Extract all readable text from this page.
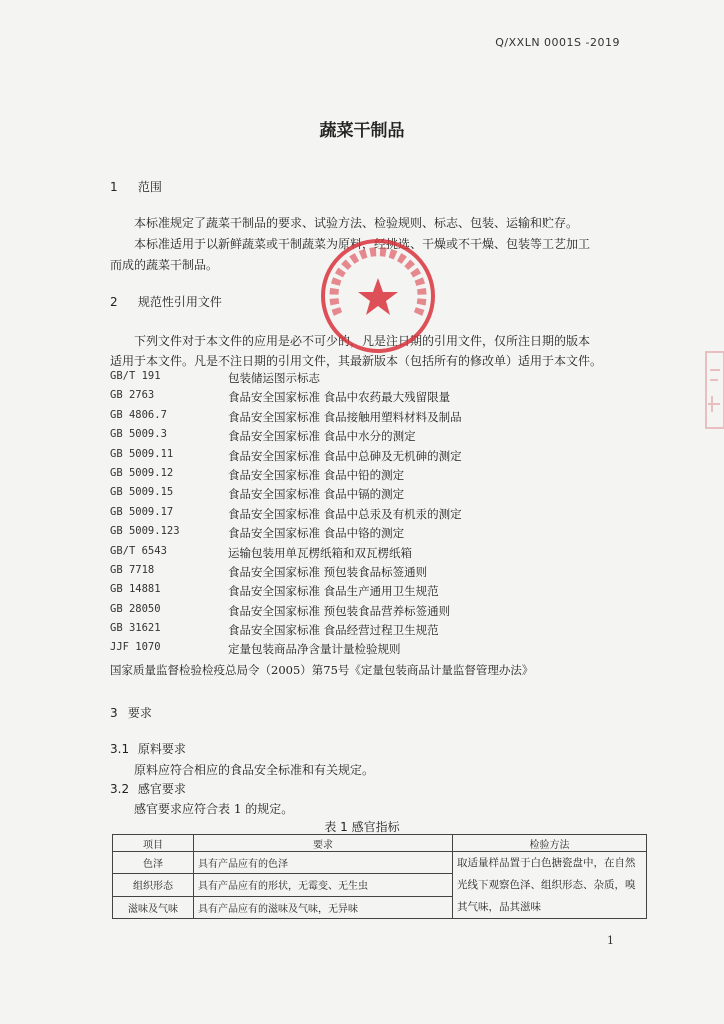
Q/XXLN 0001S -2019
蔬菜干制品
1 范围
本标准规定了蔬菜干制品的要求、试验方法、检验规则、标志、包装、运输和贮存。
本标准适用于以新鲜蔬菜或干制蔬菜为原料，经挑选、干燥或不干燥、包装等工艺加工
而成的蔬菜干制品。
2 规范性引用文件
下列文件对于本文件的应用是必不可少的，凡是注日期的引用文件，仅所注日期的版本
适用于本文件。凡是不注日期的引用文件，其最新版本（包括所有的修改单）适用于本文件。
GB/T 191	包装储运图示标志
GB 2763	食品安全国家标准 食品中农药最大残留限量
GB 4806.7	食品安全国家标准 食品接触用塑料材料及制品
GB 5009.3	食品安全国家标准 食品中水分的测定
GB 5009.11	食品安全国家标准 食品中总砷及无机砷的测定
GB 5009.12	食品安全国家标准 食品中铅的测定
GB 5009.15	食品安全国家标准 食品中镉的测定
GB 5009.17	食品安全国家标准 食品中总汞及有机汞的测定
GB 5009.123	食品安全国家标准 食品中铬的测定
GB/T 6543	运输包装用单瓦楞纸箱和双瓦楞纸箱
GB 7718	食品安全国家标准 预包装食品标签通则
GB 14881	食品安全国家标准 食品生产通用卫生规范
GB 28050	食品安全国家标准 预包装食品营养标签通则
GB 31621	食品安全国家标准 食品经营过程卫生规范
JJF 1070	定量包装商品净含量计量检验规则
国家质量监督检验检疫总局令（2005）第75号《定量包装商品计量监督管理办法》
3 要求
3.1 原料要求
原料应符合相应的食品安全标准和有关规定。
3.2 感官要求
感官要求应符合表 1 的规定。
表 1 感官指标
项目	要求	检验方法
色泽	具有产品应有的色泽	取适量样品置于白色搪瓷盘中，在自然光线下观察色泽、组织形态、杂质，嗅其气味，品其滋味
组织形态	具有产品应有的形状，无霉变、无生虫	
滋味及气味	具有产品应有的滋味及气味，无异味	
1
